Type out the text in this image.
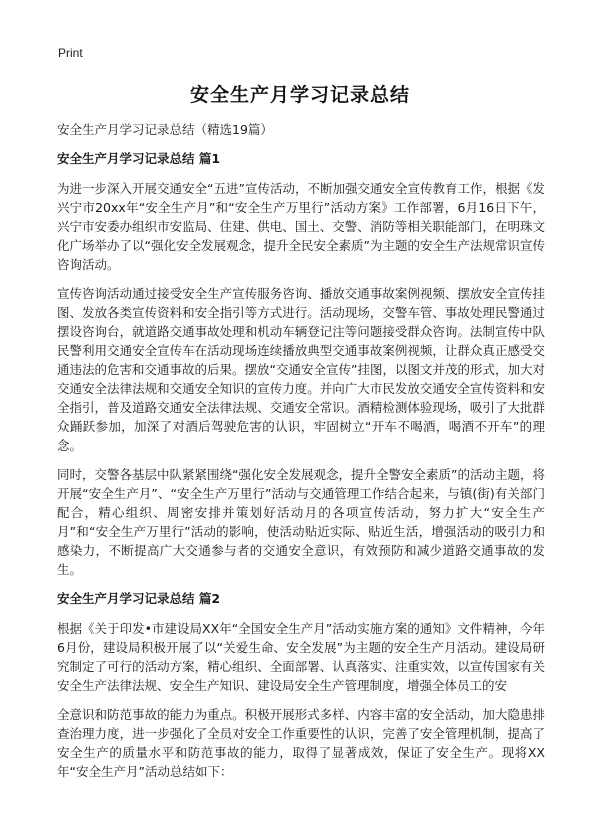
Print
安全生产月学习记录总结
安全生产月学习记录总结（精选19篇）
安全生产月学习记录总结 篇1

为进一步深入开展交通安全“五进”宣传活动，不断加强交通安全宣传教育工作，根据《发兴宁市20xx年“安全生产月”和“安全生产万里行”活动方案》工作部署，6月16日下午，兴宁市安委办组织市安监局、住建、供电、国土、交警、消防等相关职能部门，在明珠文化广场举办了以“强化安全发展观念，提升全民安全素质”为主题的安全生产法规常识宣传咨询活动。

宣传咨询活动通过接受安全生产宣传服务咨询、播放交通事故案例视频、摆放安全宣传挂图、发放各类宣传资料和安全指引等方式进行。活动现场，交警车管、事故处理民警通过摆设咨询台，就道路交通事故处理和机动车辆登记注等问题接受群众咨询。法制宣传中队民警利用交通安全宣传车在活动现场连续播放典型交通事故案例视频，让群众真正感受交通违法的危害和交通事故的后果。摆放“交通安全宣传”挂图，以图文并茂的形式，加大对交通安全法律法规和交通安全知识的宣传力度。并向广大市民发放交通安全宣传资料和安全指引，普及道路交通安全法律法规、交通安全常识。酒精检测体验现场，吸引了大批群众踊跃参加，加深了对酒后驾驶危害的认识，牢固树立“开车不喝酒，喝酒不开车”的理念。

同时，交警各基层中队紧紧围绕“强化安全发展观念，提升全警安全素质”的活动主题，将开展“安全生产月”、“安全生产万里行”活动与交通管理工作结合起来，与镇(街)有关部门配合，精心组织、周密安排并策划好活动月的各项宣传活动，努力扩大“安全生产月”和“安全生产万里行”活动的影响，使活动贴近实际、贴近生活，增强活动的吸引力和感染力，不断提高广大交通参与者的交通安全意识，有效预防和减少道路交通事故的发生。

安全生产月学习记录总结 篇2

根据《关于印发•市建设局XX年“全国安全生产月”活动实施方案的通知》文件精神，今年6月份，建设局积极开展了以“关爱生命、安全发展”为主题的安全生产月活动。建设局研究制定了可行的活动方案，精心组织、全面部署、认真落实、注重实效，以宣传国家有关安全生产法律法规、安全生产知识、建设局安全生产管理制度，增强全体员工的安

全意识和防范事故的能力为重点。积极开展形式多样、内容丰富的安全活动，加大隐患排查治理力度，进一步强化了全员对安全工作重要性的认识，完善了安全管理机制，提高了安全生产的质量水平和防范事故的能力，取得了显著成效，保证了安全生产。现将XX年“安全生产月”活动总结如下：
